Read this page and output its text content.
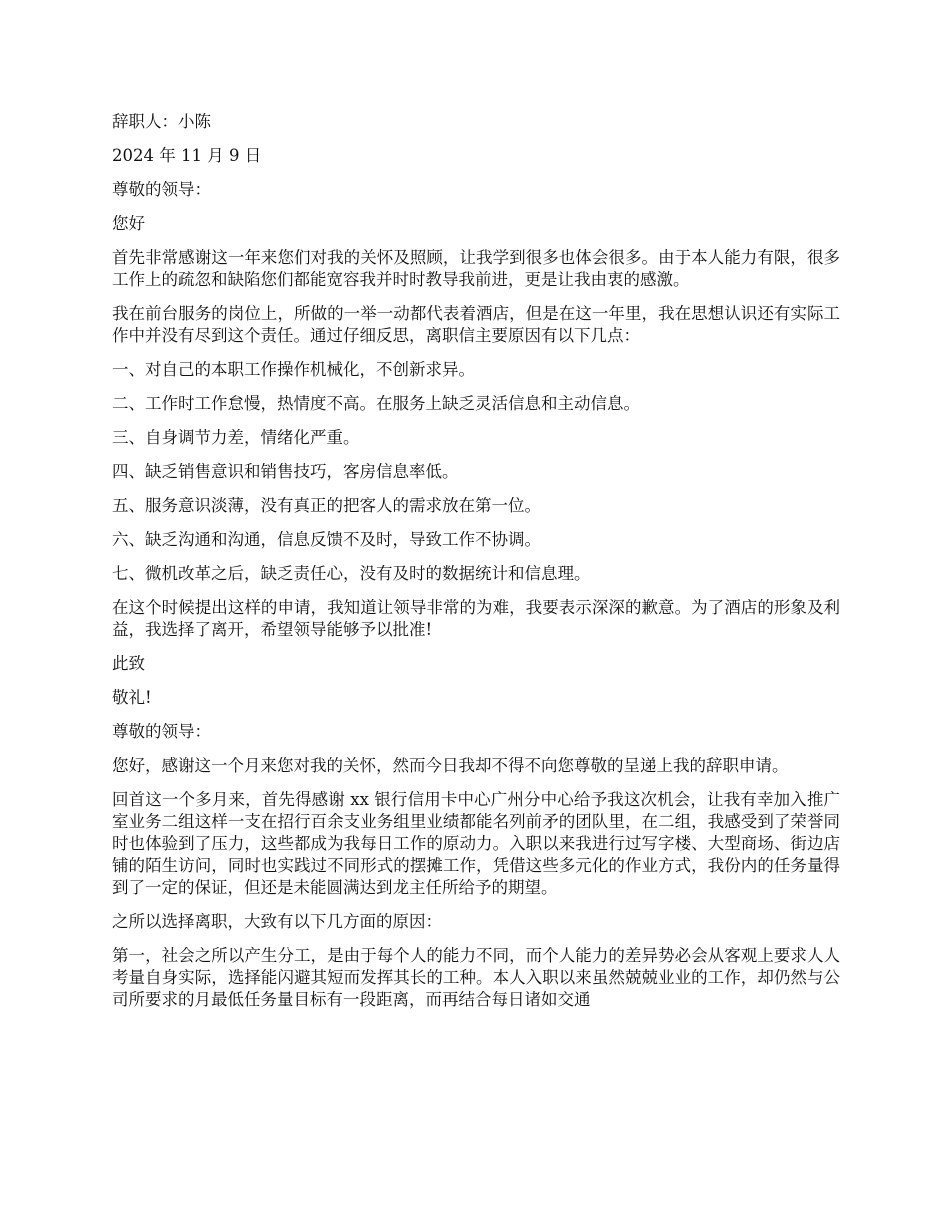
辞职人：小陈

2024 年 11 月 9 日

尊敬的领导：

您好

首先非常感谢这一年来您们对我的关怀及照顾，让我学到很多也体会很多。由于本人能力有限，很多工作上的疏忽和缺陷您们都能宽容我并时时教导我前进，更是让我由衷的感激。

我在前台服务的岗位上，所做的一举一动都代表着酒店，但是在这一年里，我在思想认识还有实际工作中并没有尽到这个责任。通过仔细反思，离职信主要原因有以下几点：

一、对自己的本职工作操作机械化，不创新求异。

二、工作时工作怠慢，热情度不高。在服务上缺乏灵活信息和主动信息。

三、自身调节力差，情绪化严重。

四、缺乏销售意识和销售技巧，客房信息率低。

五、服务意识淡薄，没有真正的把客人的需求放在第一位。

六、缺乏沟通和沟通，信息反馈不及时，导致工作不协调。

七、微机改革之后，缺乏责任心，没有及时的数据统计和信息理。

在这个时候提出这样的申请，我知道让领导非常的为难，我要表示深深的歉意。为了酒店的形象及利益，我选择了离开，希望领导能够予以批准!

此致

敬礼!

尊敬的领导：

您好，感谢这一个月来您对我的关怀，然而今日我却不得不向您尊敬的呈递上我的辞职申请。

回首这一个多月来，首先得感谢 xx 银行信用卡中心广州分中心给予我这次机会，让我有幸加入推广室业务二组这样一支在招行百余支业务组里业绩都能名列前矛的团队里，在二组，我感受到了荣誉同时也体验到了压力，这些都成为我每日工作的原动力。入职以来我进行过写字楼、大型商场、街边店铺的陌生访问，同时也实践过不同形式的摆摊工作，凭借这些多元化的作业方式，我份内的任务量得到了一定的保证，但还是未能圆满达到龙主任所给予的期望。

之所以选择离职，大致有以下几方面的原因：

第一，社会之所以产生分工，是由于每个人的能力不同，而个人能力的差异势必会从客观上要求人人考量自身实际，选择能闪避其短而发挥其长的工种。本人入职以来虽然兢兢业业的工作，却仍然与公司所要求的月最低任务量目标有一段距离，而再结合每日诸如交通
